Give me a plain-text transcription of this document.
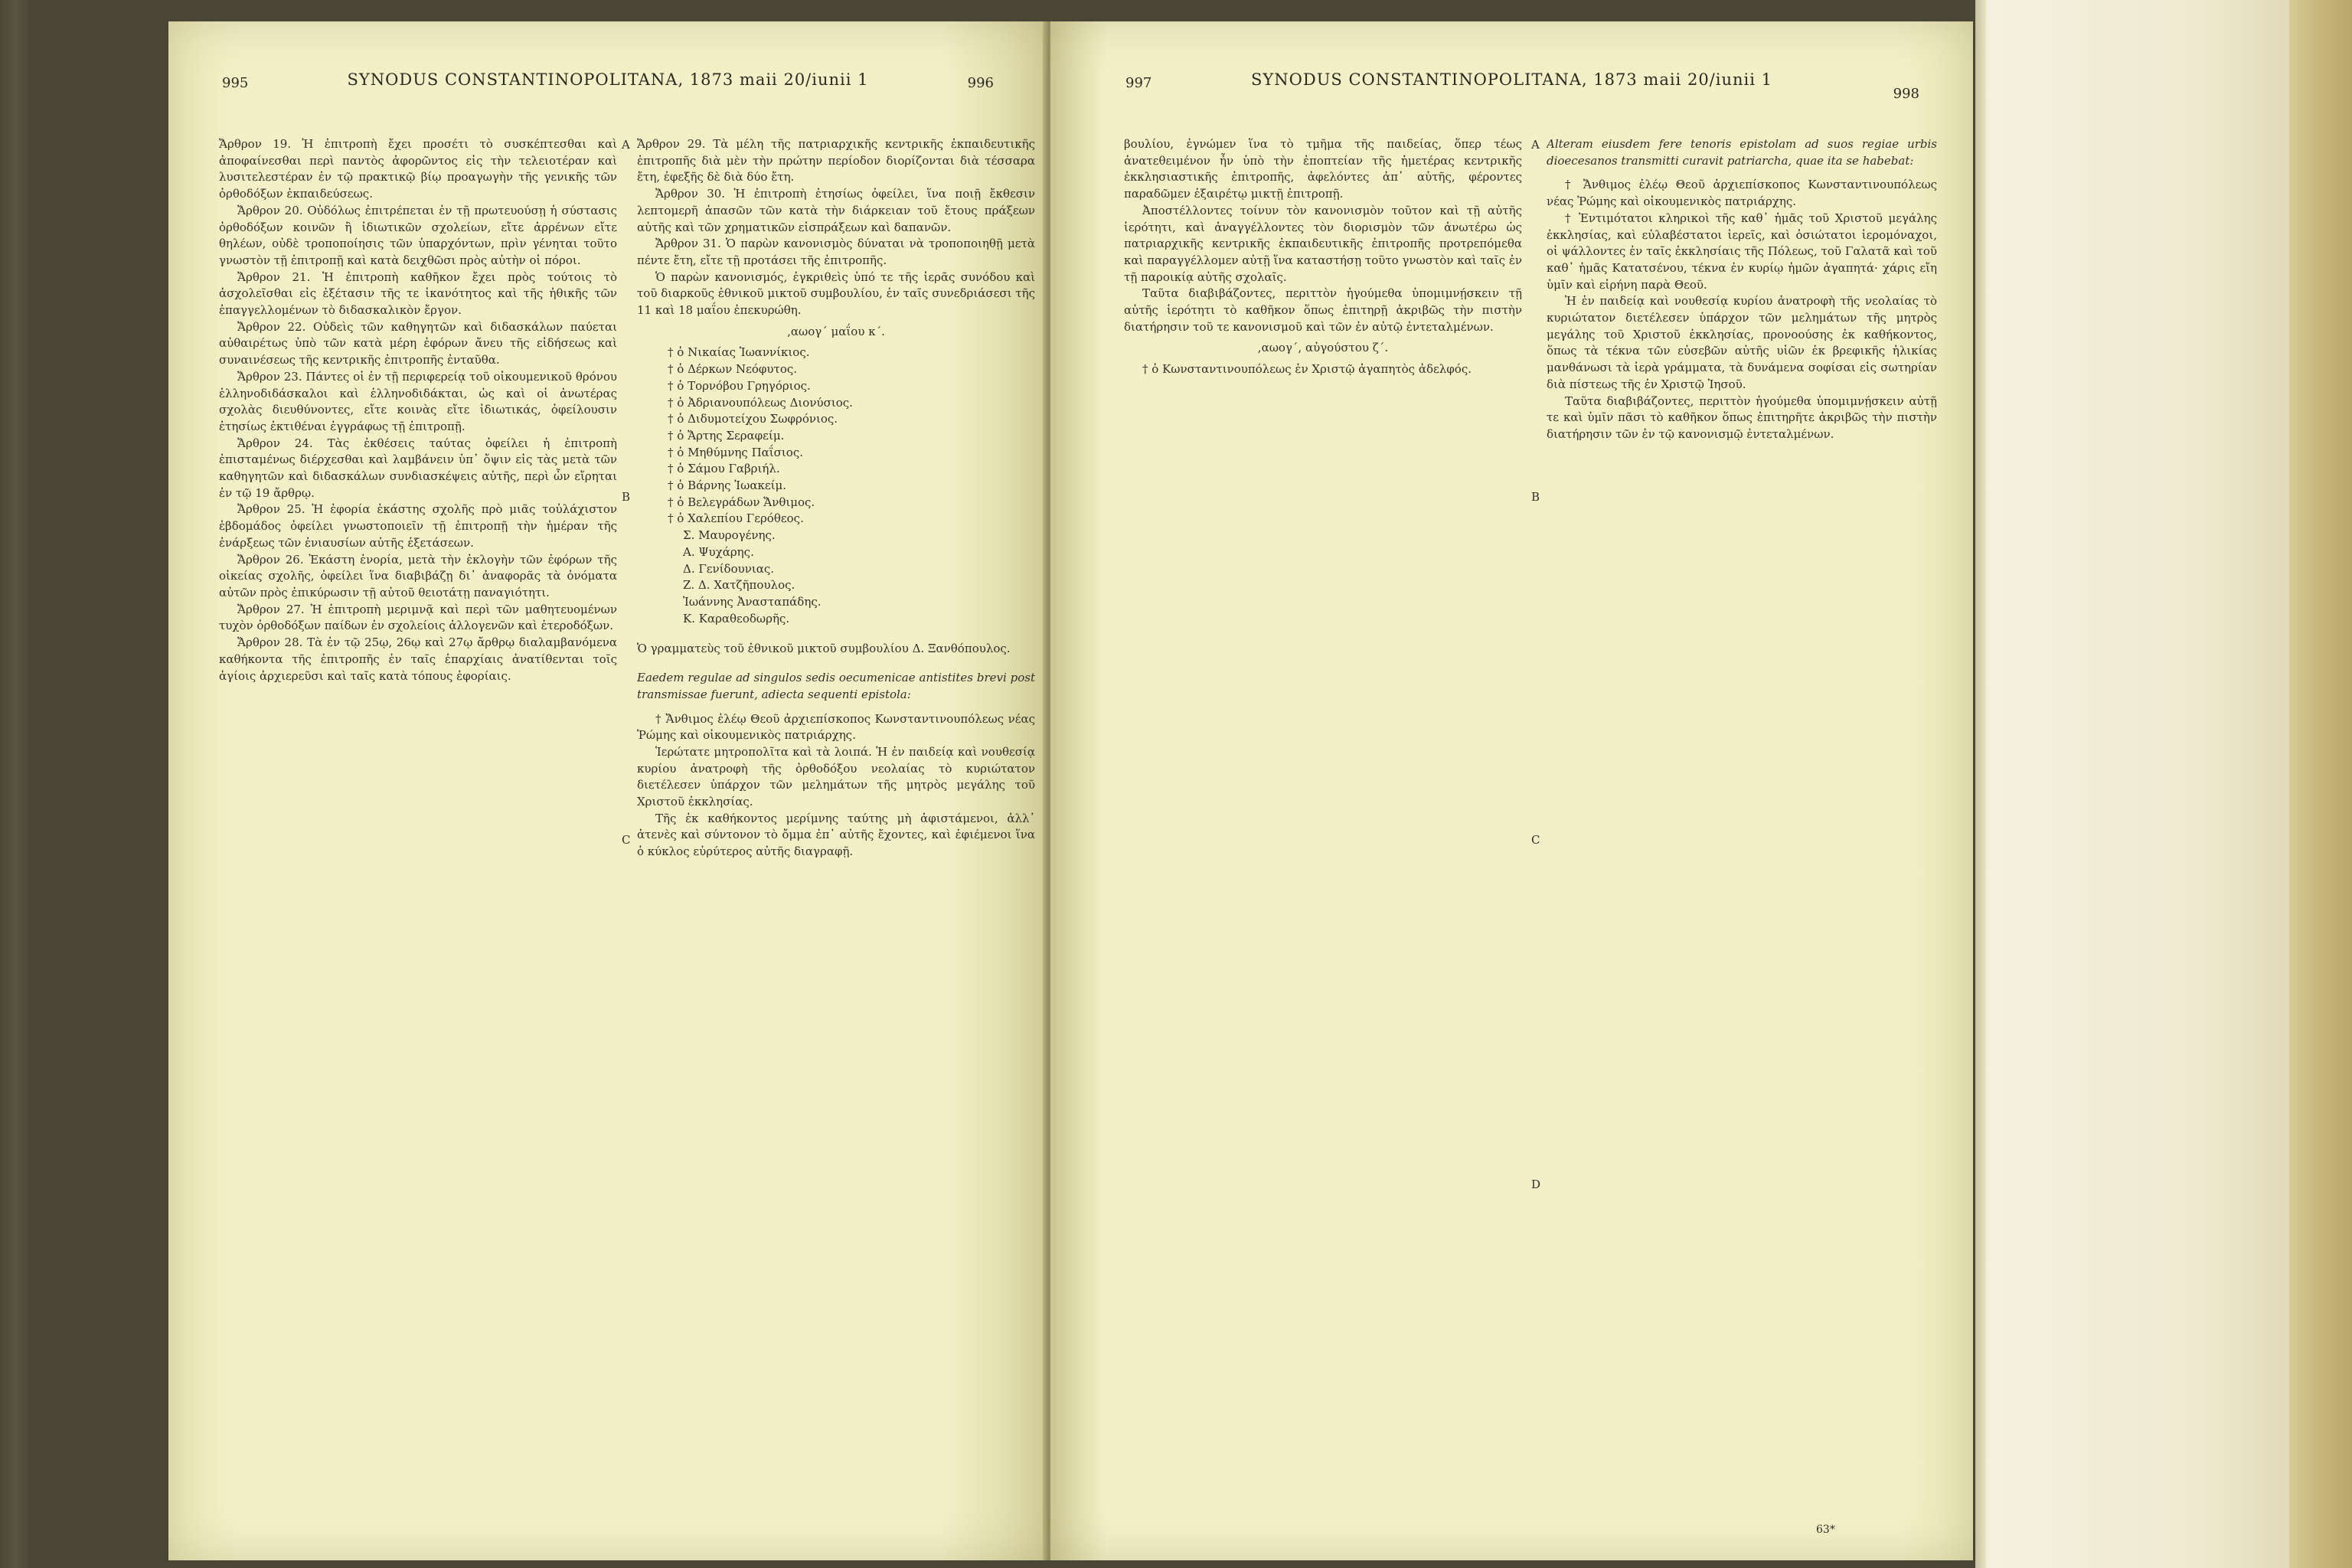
995	SYNODUS CONSTANTINOPOLITANA, 1873 maii 20/iunii 1	996

Ἄρθρον 19. Ἡ ἐπιτροπὴ ἔχει προσέτι τὸ συσκέπτεσθαι καὶ ἀποφαίνεσθαι περὶ παντὸς ἀφορῶντος εἰς τὴν τελειοτέραν καὶ λυσιτελεστέραν ἐν τῷ πρακτικῷ βίῳ προαγωγὴν τῆς γενικῆς τῶν ὀρθοδόξων ἐκπαιδεύσεως.

Ἄρθρον 20. Οὐδόλως ἐπιτρέπεται ἐν τῇ πρωτευούσῃ ἡ σύστασις ὀρθοδόξων κοινῶν ἢ ἰδιωτικῶν σχολείων, εἴτε ἀρρένων εἴτε θηλέων, οὐδὲ τροποποίησις τῶν ὑπαρχόντων, πρὶν γένηται τοῦτο γνωστὸν τῇ ἐπιτροπῇ καὶ κατὰ δειχθῶσι πρὸς αὐτὴν οἱ πόροι.

Ἄρθρον 21. Ἡ ἐπιτροπὴ καθῆκον ἔχει πρὸς τούτοις τὸ ἀσχολεῖσθαι εἰς ἐξέτασιν τῆς τε ἱκανότητος καὶ τῆς ἠθικῆς τῶν ἐπαγγελλομένων τὸ διδασκαλικὸν ἔργον.

Ἄρθρον 22. Οὐδεὶς τῶν καθηγητῶν καὶ διδασκάλων παύεται αὐθαιρέτως ὑπὸ τῶν κατὰ μέρη ἐφόρων ἄνευ τῆς εἰδήσεως καὶ συναινέσεως τῆς κεντρικῆς ἐπιτροπῆς ἐνταῦθα.

Ἄρθρον 23. Πάντες οἱ ἐν τῇ περιφερείᾳ τοῦ οἰκουμενικοῦ θρόνου ἑλληνοδιδάσκαλοι καὶ ἑλληνοδιδάκται, ὡς καὶ οἱ ἀνωτέρας σχολὰς διευθύνοντες, εἴτε κοινὰς εἴτε ἰδιωτικάς, ὀφείλουσιν ἐτησίως ἐκτιθέναι ἐγγράφως τῇ ἐπιτροπῇ.

Ἄρθρον 24. Τὰς ἐκθέσεις ταύτας ὀφείλει ἡ ἐπιτροπὴ ἐπισταμένως διέρχεσθαι καὶ λαμβάνειν ὑπ᾽ ὄψιν εἰς τὰς μετὰ τῶν καθηγητῶν καὶ διδασκάλων συνδιασκέψεις αὐτῆς, περὶ ὧν εἴρηται ἐν τῷ 19 ἄρθρῳ.

Ἄρθρον 25. Ἡ ἐφορία ἑκάστης σχολῆς πρὸ μιᾶς τοὐλάχιστον ἑβδομάδος ὀφείλει γνωστοποιεῖν τῇ ἐπιτροπῇ τὴν ἡμέραν τῆς ἐνάρξεως τῶν ἐνιαυσίων αὐτῆς ἐξετάσεων.

Ἄρθρον 26. Ἑκάστη ἐνορία, μετὰ τὴν ἐκλογὴν τῶν ἐφόρων τῆς οἰκείας σχολῆς, ὀφείλει ἵνα διαβιβάζῃ δι᾽ ἀναφορᾶς τὰ ὀνόματα αὐτῶν πρὸς ἐπικύρωσιν τῇ αὐτοῦ θειοτάτῃ παναγιότητι.

Ἄρθρον 27. Ἡ ἐπιτροπὴ μεριμνᾷ καὶ περὶ τῶν μαθητευομένων τυχὸν ὀρθοδόξων παίδων ἐν σχολείοις ἀλλογενῶν καὶ ἑτεροδόξων.

Ἄρθρον 28. Τὰ ἐν τῷ 25ῳ, 26ῳ καὶ 27ῳ ἄρθρῳ διαλαμβανόμενα καθήκοντα τῆς ἐπιτροπῆς ἐν ταῖς ἐπαρχίαις ἀνατίθενται τοῖς ἁγίοις ἀρχιερεῦσι καὶ ταῖς κατὰ τόπους ἐφορίαις.

A
B
C

Ἄρθρον 29. Τὰ μέλη τῆς πατριαρχικῆς κεντρικῆς ἐκπαιδευτικῆς ἐπιτροπῆς διὰ μὲν τὴν πρώτην περίοδον διορίζονται διὰ τέσσαρα ἔτη, ἐφεξῆς δὲ διὰ δύο ἔτη.

Ἄρθρον 30. Ἡ ἐπιτροπὴ ἐτησίως ὀφείλει, ἵνα ποιῇ ἔκθεσιν λεπτομερῆ ἁπασῶν τῶν κατὰ τὴν διάρκειαν τοῦ ἔτους πράξεων αὐτῆς καὶ τῶν χρηματικῶν εἰσπράξεων καὶ δαπανῶν.

Ἄρθρον 31. Ὁ παρὼν κανονισμὸς δύναται νὰ τροποποιηθῇ μετὰ πέντε ἔτη, εἴτε τῇ προτάσει τῆς ἐπιτροπῆς.

Ὁ παρὼν κανονισμός, ἐγκριθεὶς ὑπό τε τῆς ἱερᾶς συνόδου καὶ τοῦ διαρκοῦς ἐθνικοῦ μικτοῦ συμβουλίου, ἐν ταῖς συνεδριάσεσι τῆς 11 καὶ 18 μαΐου ἐπεκυρώθη.

,αωογ΄ μαΐου κ΄.

† ὁ Νικαίας Ἰωαννίκιος.

† ὁ Δέρκων Νεόφυτος.

† ὁ Τορνόβου Γρηγόριος.

† ὁ Ἀδριανουπόλεως Διονύσιος.

† ὁ Διδυμοτείχου Σωφρόνιος.

† ὁ Ἄρτης Σεραφείμ.

† ὁ Μηθύμνης Παΐσιος.

† ὁ Σάμου Γαβριήλ.

† ὁ Βάρνης Ἰωακείμ.

† ὁ Βελεγράδων Ἄνθιμος.

† ὁ Χαλεπίου Γερόθεος.

Σ. Μαυρογένης.

Α. Ψυχάρης.

Δ. Γενίδουνιας.

Ζ. Δ. Χατζῆπουλος.

Ἰωάννης Ἀνασταπάδης.

Κ. Καραθεοδωρῆς.

Ὁ γραμματεὺς τοῦ ἐθνικοῦ μικτοῦ συμβουλίου Δ. Ξανθόπουλος.

Eaedem regulae ad singulos sedis oecumenicae antistites brevi post transmissae fuerunt, adiecta sequenti epistola:

† Ἄνθιμος ἐλέῳ Θεοῦ ἀρχιεπίσκοπος Κωνσταντινουπόλεως νέας Ῥώμης καὶ οἰκουμενικὸς πατριάρχης.

Ἱερώτατε μητροπολῖτα καὶ τὰ λοιπά. Ἡ ἐν παιδείᾳ καὶ νουθεσίᾳ κυρίου ἀνατροφὴ τῆς ὀρθοδόξου νεολαίας τὸ κυριώτατον διετέλεσεν ὑπάρχον τῶν μελημάτων τῆς μητρὸς μεγάλης τοῦ Χριστοῦ ἐκκλησίας.

Τῆς ἐκ καθήκοντος μερίμνης ταύτης μὴ ἀφιστάμενοι, ἀλλ᾽ ἀτενὲς καὶ σύντονον τὸ ὄμμα ἐπ᾽ αὐτῆς ἔχοντες, καὶ ἐφιέμενοι ἵνα ὁ κύκλος εὐρύτερος αὐτῆς διαγραφῇ.

997	SYNODUS CONSTANTINOPOLITANA, 1873 maii 20/iunii 1
998

βουλίου, ἐγνώμεν ἵνα τὸ τμῆμα τῆς παιδείας, ὅπερ τέως ἀνατεθειμένον ἦν ὑπὸ τὴν ἐποπτείαν τῆς ἡμετέρας κεντρικῆς ἐκκλησιαστικῆς ἐπιτροπῆς, ἀφελόντες ἀπ᾽ αὐτῆς, φέροντες παραδῶμεν ἐξαιρέτῳ μικτῇ ἐπιτροπῇ.

Ἀποστέλλοντες τοίνυν τὸν κανονισμὸν τοῦτον καὶ τῇ αὐτῆς ἱερότητι, καὶ ἀναγγέλλοντες τὸν διορισμὸν τῶν ἀνωτέρω ὡς πατριαρχικῆς κεντρικῆς ἐκπαιδευτικῆς ἐπιτροπῆς προτρεπόμεθα καὶ παραγγέλλομεν αὐτῇ ἵνα καταστήσῃ τοῦτο γνωστὸν καὶ ταῖς ἐν τῇ παροικίᾳ αὐτῆς σχολαῖς.

Ταῦτα διαβιβάζοντες, περιττὸν ἡγούμεθα ὑπομιμνῄσκειν τῇ αὐτῆς ἱερότητι τὸ καθῆκον ὅπως ἐπιτηρῇ ἀκριβῶς τὴν πιστὴν διατήρησιν τοῦ τε κανονισμοῦ καὶ τῶν ἐν αὐτῷ ἐντεταλμένων.

,αωογ΄, αὐγούστου ζ΄.

† ὁ Κωνσταντινουπόλεως ἐν Χριστῷ ἀγαπητὸς ἀδελφός.

A
B
C
D

Alteram eiusdem fere tenoris epistolam ad suos regiae urbis dioecesanos transmitti curavit patriarcha, quae ita se habebat:

† Ἄνθιμος ἐλέῳ Θεοῦ ἀρχιεπίσκοπος Κωνσταντινουπόλεως νέας Ῥώμης καὶ οἰκουμενικὸς πατριάρχης.

† Ἐντιμότατοι κληρικοὶ τῆς καθ᾽ ἡμᾶς τοῦ Χριστοῦ μεγάλης ἐκκλησίας, καὶ εὐλαβέστατοι ἱερεῖς, καὶ ὁσιώτατοι ἱερομόναχοι, οἱ ψάλλοντες ἐν ταῖς ἐκκλησίαις τῆς Πόλεως, τοῦ Γαλατᾶ καὶ τοῦ καθ᾽ ἡμᾶς Κατατσένου, τέκνα ἐν κυρίῳ ἡμῶν ἀγαπητά· χάρις εἴη ὑμῖν καὶ εἰρήνη παρὰ Θεοῦ.

Ἡ ἐν παιδείᾳ καὶ νουθεσίᾳ κυρίου ἀνατροφὴ τῆς νεολαίας τὸ κυριώτατον διετέλεσεν ὑπάρχον τῶν μελημάτων τῆς μητρὸς μεγάλης τοῦ Χριστοῦ ἐκκλησίας, προνοούσης ἐκ καθήκοντος, ὅπως τὰ τέκνα τῶν εὐσεβῶν αὐτῆς υἱῶν ἐκ βρεφικῆς ἡλικίας μανθάνωσι τὰ ἱερὰ γράμματα, τὰ δυνάμενα σοφίσαι εἰς σωτηρίαν διὰ πίστεως τῆς ἐν Χριστῷ Ἰησοῦ.

Ταῦτα διαβιβάζοντες, περιττὸν ἡγούμεθα ὑπομιμνῄσκειν αὐτῇ τε καὶ ὑμῖν πᾶσι τὸ καθῆκον ὅπως ἐπιτηρῆτε ἀκριβῶς τὴν πιστὴν διατήρησιν τῶν ἐν τῷ κανονισμῷ ἐντεταλμένων.

63*
